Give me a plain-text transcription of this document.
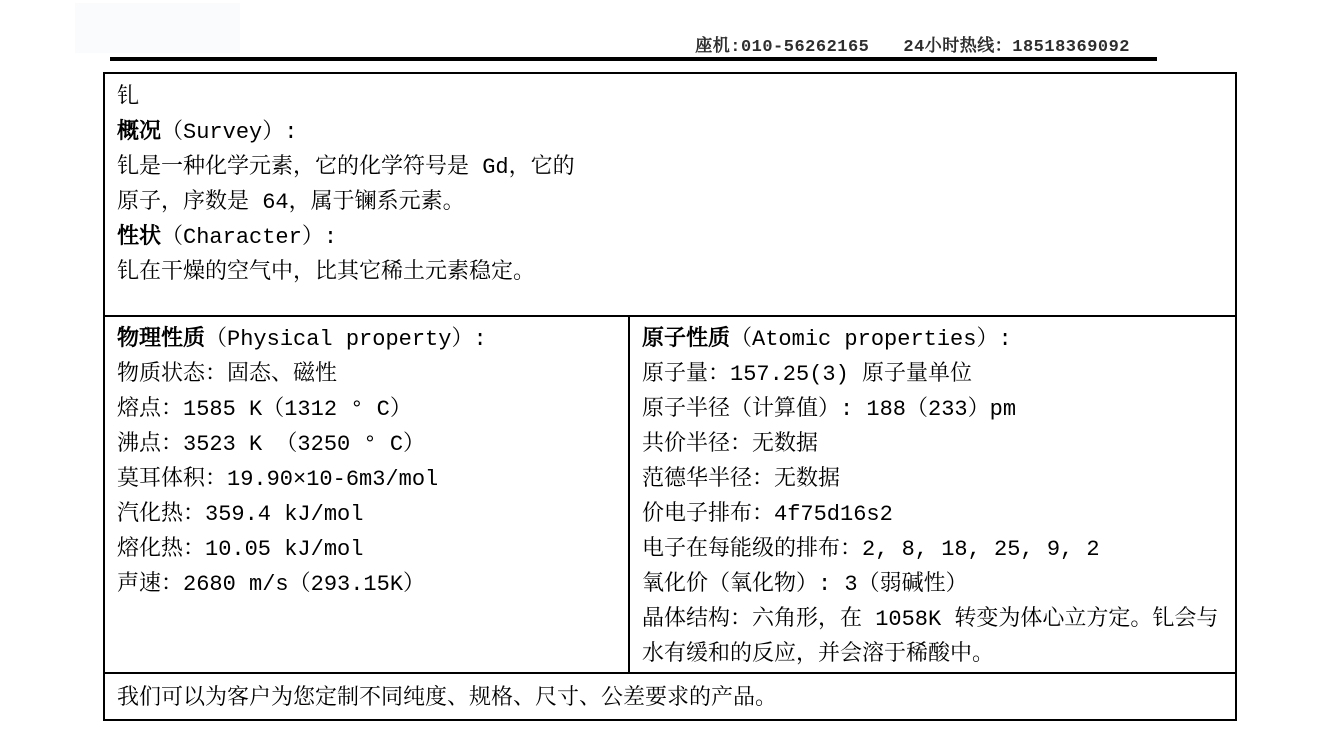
座机:010-56262165 24小时热线：18518369092
钆
概况（Survey）:
钆是一种化学元素，它的化学符号是 Gd，它的
原子，序数是 64，属于镧系元素。
性状（Character）:
钆在干燥的空气中，比其它稀土元素稳定。
物理性质（Physical property）:
物质状态：固态、磁性
熔点：1585 K（1312 ° C）
沸点：3523 K （3250 ° C）
莫耳体积：19.90×10-6m3/mol
汽化热：359.4 kJ/mol
熔化热：10.05 kJ/mol
声速：2680 m/s（293.15K）
原子性质（Atomic properties）:
原子量：157.25(3) 原子量单位
原子半径（计算值）: 188（233）pm
共价半径：无数据
范德华半径：无数据
价电子排布：4f75d16s2
电子在每能级的排布：2, 8, 18, 25, 9, 2
氧化价（氧化物）: 3（弱碱性）
晶体结构：六角形，在 1058K 转变为体心立方定。钆会与水有缓和的反应，并会溶于稀酸中。
我们可以为客户为您定制不同纯度、规格、尺寸、公差要求的产品。
